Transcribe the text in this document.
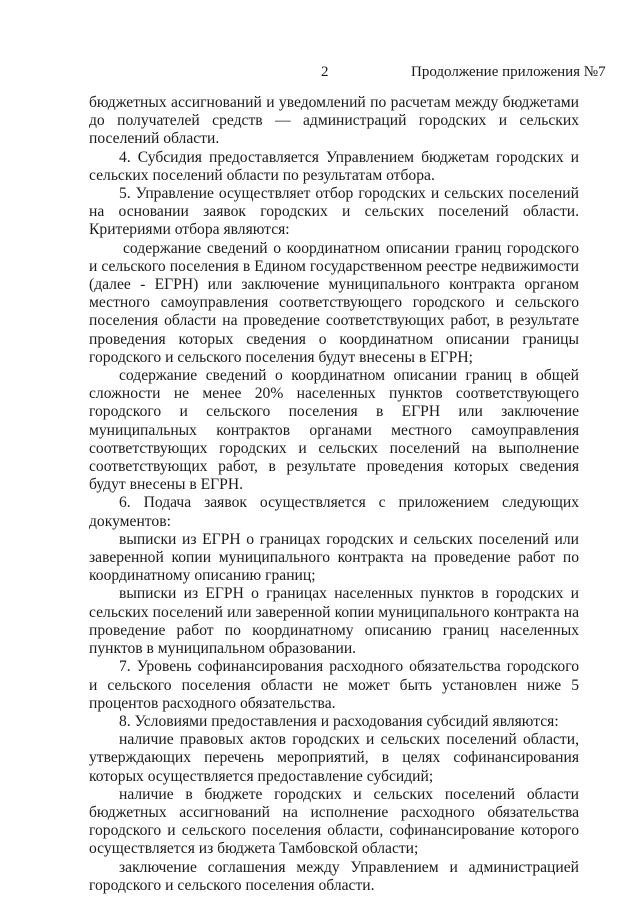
2	Продолжение приложения №7

бюджетных ассигнований и уведомлений по расчетам между бюджетами до получателей средств — администраций городских и сельских поселений области.

4. Субсидия предоставляется Управлением бюджетам городских и сельских поселений области по результатам отбора.

5. Управление осуществляет отбор городских и сельских поселений на основании заявок городских и сельских поселений области. Критериями отбора являются:

содержание сведений о координатном описании границ городского и сельского поселения в Едином государственном реестре недвижимости (далее - ЕГРН) или заключение муниципального контракта органом местного самоуправления соответствующего городского и сельского поселения области на проведение соответствующих работ, в результате проведения которых сведения о координатном описании границы городского и сельского поселения будут внесены в ЕГРН;

содержание сведений о координатном описании границ в общей сложности не менее 20% населенных пунктов соответствующего городского и сельского поселения в ЕГРН или заключение муниципальных контрактов органами местного самоуправления соответствующих городских и сельских поселений на выполнение соответствующих работ, в результате проведения которых сведения будут внесены в ЕГРН.

6. Подача заявок осуществляется с приложением следующих документов:

выписки из ЕГРН о границах городских и сельских поселений или заверенной копии муниципального контракта на проведение работ по координатному описанию границ;

выписки из ЕГРН о границах населенных пунктов в городских и сельских поселений или заверенной копии муниципального контракта на проведение работ по координатному описанию границ населенных пунктов в муниципальном образовании.

7. Уровень софинансирования расходного обязательства городского и сельского поселения области не может быть установлен ниже 5 процентов расходного обязательства.

8. Условиями предоставления и расходования субсидий являются:

наличие правовых актов городских и сельских поселений области, утверждающих перечень мероприятий, в целях софинансирования которых осуществляется предоставление субсидий;

наличие в бюджете городских и сельских поселений области бюджетных ассигнований на исполнение расходного обязательства городского и сельского поселения области, софинансирование которого осуществляется из бюджета Тамбовской области;

заключение соглашения между Управлением и администрацией городского и сельского поселения области.
